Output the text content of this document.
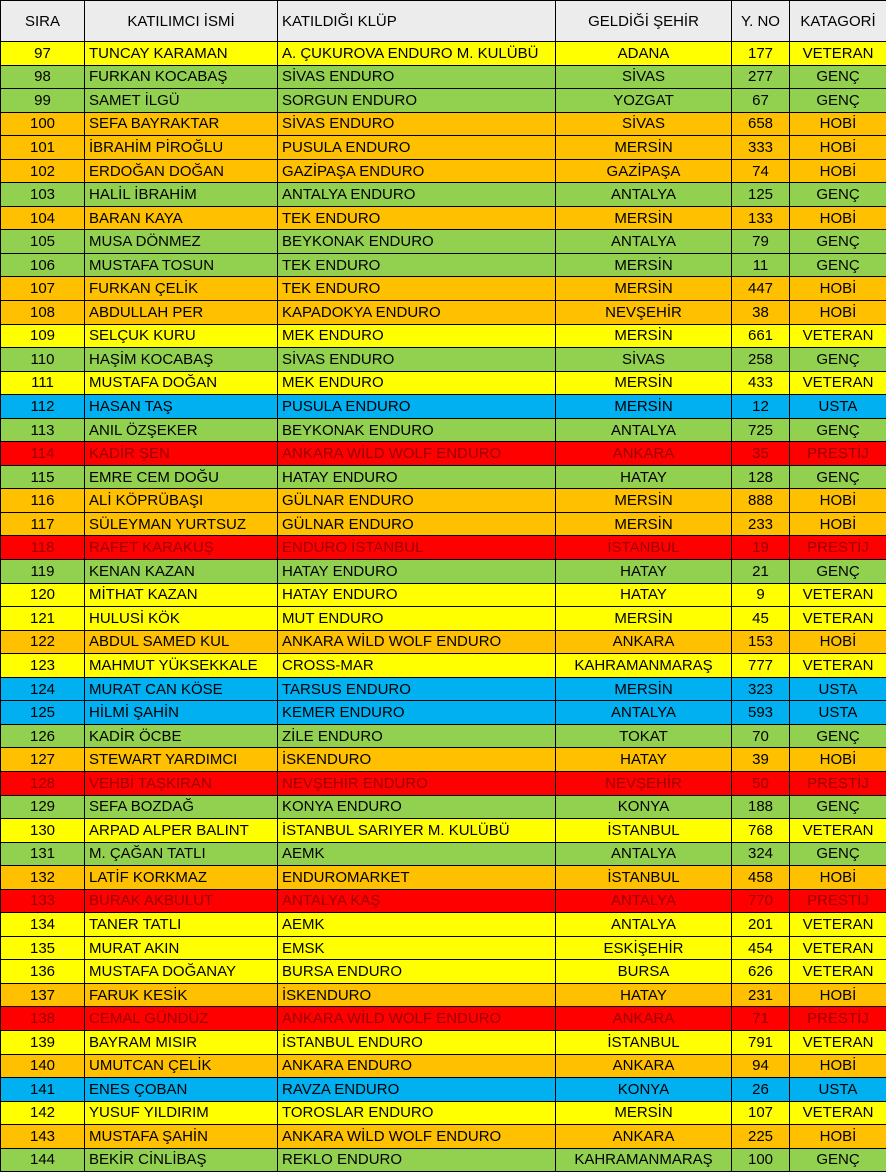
SIRA	KATILIMCI İSMİ	KATILDIĞI KLÜP	GELDİĞİ ŞEHİR	Y. NO	KATAGORİ
97	TUNCAY KARAMAN	A. ÇUKUROVA ENDURO M. KULÜBÜ	ADANA	177	VETERAN
98	FURKAN KOCABAŞ	SİVAS ENDURO	SİVAS	277	GENÇ
99	SAMET İLGÜ	SORGUN ENDURO	YOZGAT	67	GENÇ
100	SEFA BAYRAKTAR	SİVAS ENDURO	SİVAS	658	HOBİ
101	İBRAHİM PİROĞLU	PUSULA ENDURO	MERSİN	333	HOBİ
102	ERDOĞAN DOĞAN	GAZİPAŞA ENDURO	GAZİPAŞA	74	HOBİ
103	HALİL İBRAHİM	ANTALYA ENDURO	ANTALYA	125	GENÇ
104	BARAN KAYA	TEK ENDURO	MERSİN	133	HOBİ
105	MUSA DÖNMEZ	BEYKONAK ENDURO	ANTALYA	79	GENÇ
106	MUSTAFA TOSUN	TEK ENDURO	MERSİN	11	GENÇ
107	FURKAN ÇELİK	TEK ENDURO	MERSİN	447	HOBİ
108	ABDULLAH PER	KAPADOKYA ENDURO	NEVŞEHİR	38	HOBİ
109	SELÇUK KURU	MEK ENDURO	MERSİN	661	VETERAN
110	HAŞİM KOCABAŞ	SİVAS ENDURO	SİVAS	258	GENÇ
111	MUSTAFA DOĞAN	MEK ENDURO	MERSİN	433	VETERAN
112	HASAN TAŞ	PUSULA ENDURO	MERSİN	12	USTA
113	ANIL ÖZŞEKER	BEYKONAK ENDURO	ANTALYA	725	GENÇ
114	KADİR ŞEN	ANKARA WİLD WOLF ENDURO	ANKARA	35	PRESTİJ
115	EMRE CEM DOĞU	HATAY ENDURO	HATAY	128	GENÇ
116	ALİ KÖPRÜBAŞI	GÜLNAR ENDURO	MERSİN	888	HOBİ
117	SÜLEYMAN YURTSUZ	GÜLNAR ENDURO	MERSİN	233	HOBİ
118	RAFET KARAKUŞ	ENDURO İSTANBUL	İSTANBUL	19	PRESTİJ
119	KENAN KAZAN	HATAY ENDURO	HATAY	21	GENÇ
120	MİTHAT KAZAN	HATAY ENDURO	HATAY	9	VETERAN
121	HULUSİ KÖK	MUT ENDURO	MERSİN	45	VETERAN
122	ABDUL SAMED KUL	ANKARA WİLD WOLF ENDURO	ANKARA	153	HOBİ
123	MAHMUT YÜKSEKKALE	CROSS-MAR	KAHRAMANMARAŞ	777	VETERAN
124	MURAT CAN KÖSE	TARSUS ENDURO	MERSİN	323	USTA
125	HİLMİ ŞAHİN	KEMER ENDURO	ANTALYA	593	USTA
126	KADİR ÖCBE	ZİLE ENDURO	TOKAT	70	GENÇ
127	STEWART YARDIMCI	İSKENDURO	HATAY	39	HOBİ
128	VEHBİ TAŞKIRAN	NEVŞEHİR ENDURO	NEVŞEHİR	50	PRESTİJ
129	SEFA BOZDAĞ	KONYA ENDURO	KONYA	188	GENÇ
130	ARPAD ALPER BALINT	İSTANBUL SARIYER M. KULÜBÜ	İSTANBUL	768	VETERAN
131	M. ÇAĞAN TATLI	AEMK	ANTALYA	324	GENÇ
132	LATİF KORKMAZ	ENDUROMARKET	İSTANBUL	458	HOBİ
133	BURAK AKBULUT	ANTALYA KAŞ	ANTALYA	770	PRESTİJ
134	TANER TATLI	AEMK	ANTALYA	201	VETERAN
135	MURAT AKIN	EMSK	ESKİŞEHİR	454	VETERAN
136	MUSTAFA DOĞANAY	BURSA ENDURO	BURSA	626	VETERAN
137	FARUK KESİK	İSKENDURO	HATAY	231	HOBİ
138	CEMAL GÜNDÜZ	ANKARA WİLD WOLF ENDURO	ANKARA	71	PRESTİJ
139	BAYRAM MISIR	İSTANBUL ENDURO	İSTANBUL	791	VETERAN
140	UMUTCAN ÇELİK	ANKARA ENDURO	ANKARA	94	HOBİ
141	ENES ÇOBAN	RAVZA ENDURO	KONYA	26	USTA
142	YUSUF YILDIRIM	TOROSLAR ENDURO	MERSİN	107	VETERAN
143	MUSTAFA ŞAHİN	ANKARA WİLD WOLF ENDURO	ANKARA	225	HOBİ
144	BEKİR CİNLİBAŞ	REKLO ENDURO	KAHRAMANMARAŞ	100	GENÇ
